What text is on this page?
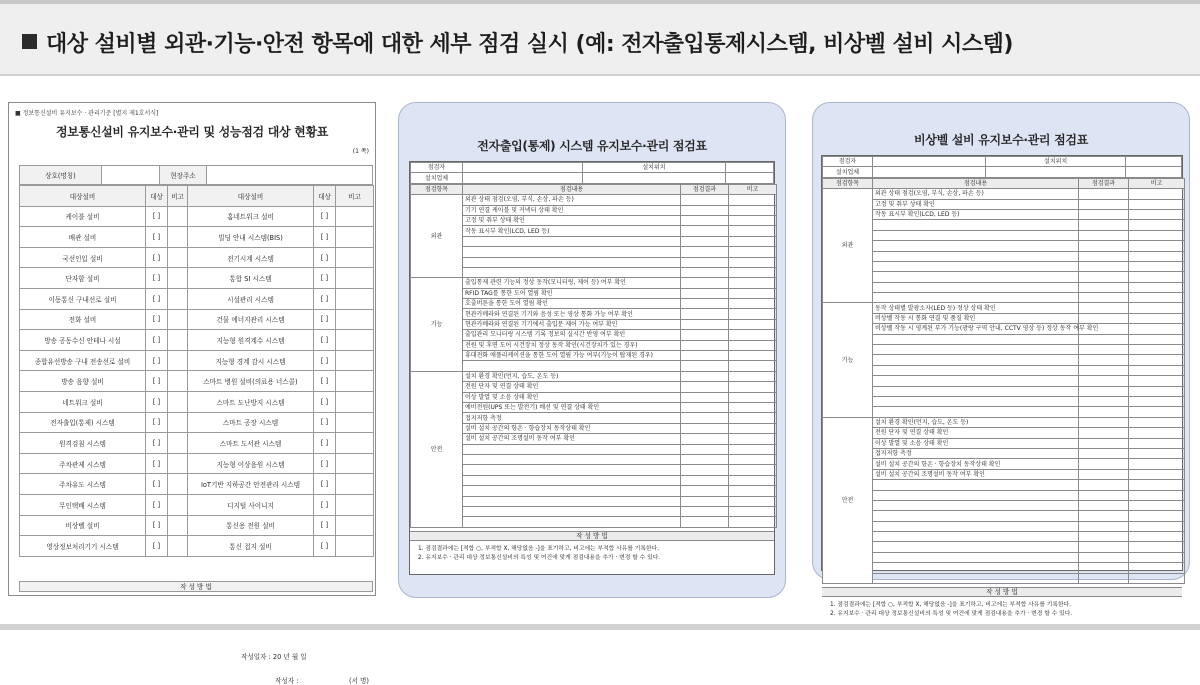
대상 설비별 외관·기능·안전 항목에 대한 세부 점검 실시 (예: 전자출입통제시스템, 비상벨 설비 시스템)
■ 정보통신설비 유지보수 · 관리기준 [별지 제1호서식]
정보통신설비 유지보수·관리 및 성능점검 대상 현황표
(1 쪽)
상호(명칭)		현장주소	
대상설비	대상	비고	대상설비	대상	비고
케이블 설비	[ ]		홈네트워크 설비	[ ]	
배관 설비	[ ]		빌딩 안내 시스템(BIS)	[ ]	
국선인입 설비	[ ]		전기시계 시스템	[ ]	
단자함 설비	[ ]		통합 SI 시스템	[ ]	
이동통신 구내선로 설비	[ ]		시설관리 시스템	[ ]	
전화 설비	[ ]		건물 에너지관리 시스템	[ ]	
방송 공동수신 안테나 시설	[ ]		지능형 원격계수 시스템	[ ]	
종합유선방송 구내 전송선로 설비	[ ]		지능형 경계 감시 시스템	[ ]	
방송 음향 설비	[ ]		스마트 병원 설비(의료용 너스콜)	[ ]	
네트워크 설비	[ ]		스마트 도난방지 시스템	[ ]	
전자출입(통제) 시스템	[ ]		스마트 공장 시스템	[ ]	
원격검침 시스템	[ ]		스마트 도서관 시스템	[ ]	
주차관제 시스템	[ ]		지능형 이상음원 시스템	[ ]	
주차유도 시스템	[ ]		IoT기반 지하공간 안전관리 시스템	[ ]	
무인택배 시스템	[ ]		디지털 사이니지	[ ]	
비상벨 설비	[ ]		통신용 전원 설비	[ ]	
영상정보처리기기 시스템	[ ]		통신 접지 설비	[ ]	
작성일자 : 20 년 월 일
작성자 :	(서 명)
작 성 방 법
전자출입(통제) 시스템 유지보수·관리 점검표
점검자		설치위치	
설치업체			
점검항목	점검내용	점검결과	비고
외관	외관 상태 점검(오염, 부식, 손상, 파손 등)		
	기기 연결 케이블 및 커넥터 상태 확인		
	고정 및 취부 상태 확인		
	작동 표시부 확인(LCD, LED 등)		

기능	출입통제 관련 기능의 정상 동작(모니터링, 제어 등) 여부 확인		
	RFID TAG를 통한 도어 열림 확인		
	호출버튼을 통한 도어 열림 확인		
	현관카메라와 연결된 기기와 음성 또는 영상 통화 가능 여부 확인		
	현관카메라와 연결된 기기에서 출입문 제어 가능 여부 확인		
	출입관리 모니터링 시스템 기록 정보의 실시간 반영 여부 확인		
	전원 및 후면 도어 시건장치 정상 동작 확인(시건장치가 있는 경우)		
	휴대전화 애플리케이션을 통한 도어 열림 가능 여부(기능이 탑재된 경우)		

안전	설치 환경 확인(먼지, 습도, 온도 등)		
	전원 단자 및 연결 상태 확인		
	이상 발열 및 소음 상태 확인		
	예비전원(UPS 또는 발전기) 배선 및 연결 상태 확인		
	접지저항 측정		
	설비 설치 공간의 항온 · 항습장치 동작상태 확인		
	설비 설치 공간의 조명설비 동작 여부 확인		

작 성 방 법
1. 점검결과에는 [적합 ○, 부적합 X, 해당없음 -]을 표기하고, 비고에는 부적합 사유를 기록한다.
2. 유지보수 · 관리 대상 정보통신설비의 특성 및 여건에 맞게 점검내용을 추가 · 변경 할 수 있다.
비상벨 설비 유지보수·관리 점검표
점검자		설치위치	
설치업체			
점검항목	점검내용	점검결과	비고
외관	외관 상태 점검(오염, 부식, 손상, 파손 등)		
	고정 및 취부 상태 확인		
	작동 표시부 확인(LCD, LED 등)		

기능	동작 상태별 발광소자(LED 등) 정상 상태 확인		
	비상벨 작동 시 통화 연결 및 품질 확인		
	비상벨 작동 시 영계된 부가 기능(광랑 구역 안내, CCTV 영상 등) 정상 동작 여부 확인		

안전	설치 환경 확인(먼지, 습도, 온도 등)		
	전원 단자 및 연결 상태 확인		
	이상 발열 및 소음 상태 확인		
	접지저항 측정		
	설비 설치 공간의 항온 · 항습장치 동작상태 확인		
	설비 설치 공간의 조명설비 동작 여부 확인		

작 성 방 법
1. 점검결과에는 [적합 ○, 부적합 X, 해당없음 -]을 표기하고, 비고에는 부적합 사유를 기록한다.
2. 유지보수 · 관리 대상 정보통신설비의 특성 및 여건에 맞게 점검내용을 추가 · 변경 할 수 있다.
